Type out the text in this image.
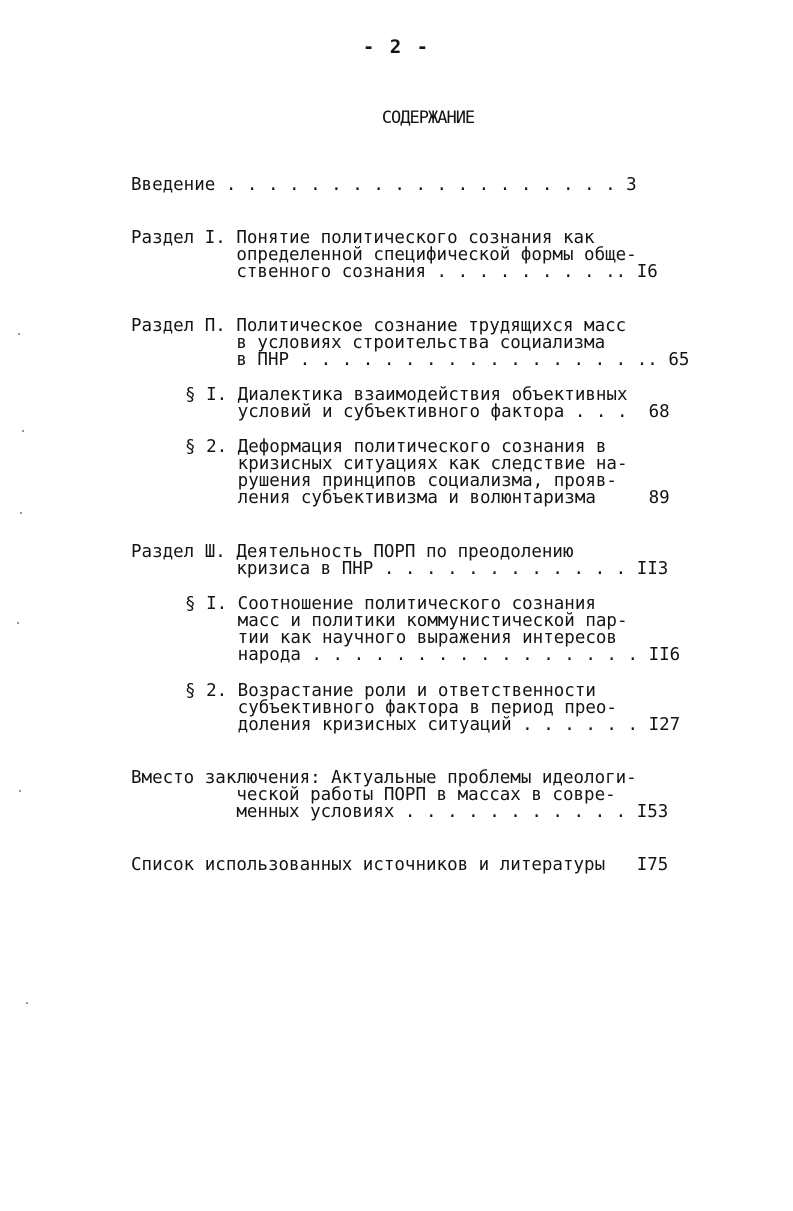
- 2 -
СОДЕРЖАНИЕ
Введение . . . . . . . . . . . . . . . . . . . 3
Раздел I. Понятие политического сознания как
определенной специфической формы обще-
ственного сознания . . . . . . . . .. I6
Раздел П. Политическое сознание трудящихся масс
в условиях строительства социализма
в ПНР . . . . . . . . . . . . . . . . .. 65
§ I. Диалектика взаимодействия объективных
условий и субъективного фактора . . .  68
§ 2. Деформация политического сознания в
кризисных ситуациях как следствие на-
рушения принципов социализма, прояв-
ления субъективизма и волюнтаризма     89
Раздел Ш. Деятельность ПОРП по преодолению
кризиса в ПНР . . . . . . . . . . . . II3
§ I. Соотношение политического сознания
масс и политики коммунистической пар-
тии как научного выражения интересов
народа . . . . . . . . . . . . . . . . II6
§ 2. Возрастание роли и ответственности
субъективного фактора в период прео-
доления кризисных ситуаций . . . . . . I27
Вместо заключения: Актуальные проблемы идеологи-
ческой работы ПОРП в массах в совре-
менных условиях . . . . . . . . . . . I53
Список использованных источников и литературы   I75
